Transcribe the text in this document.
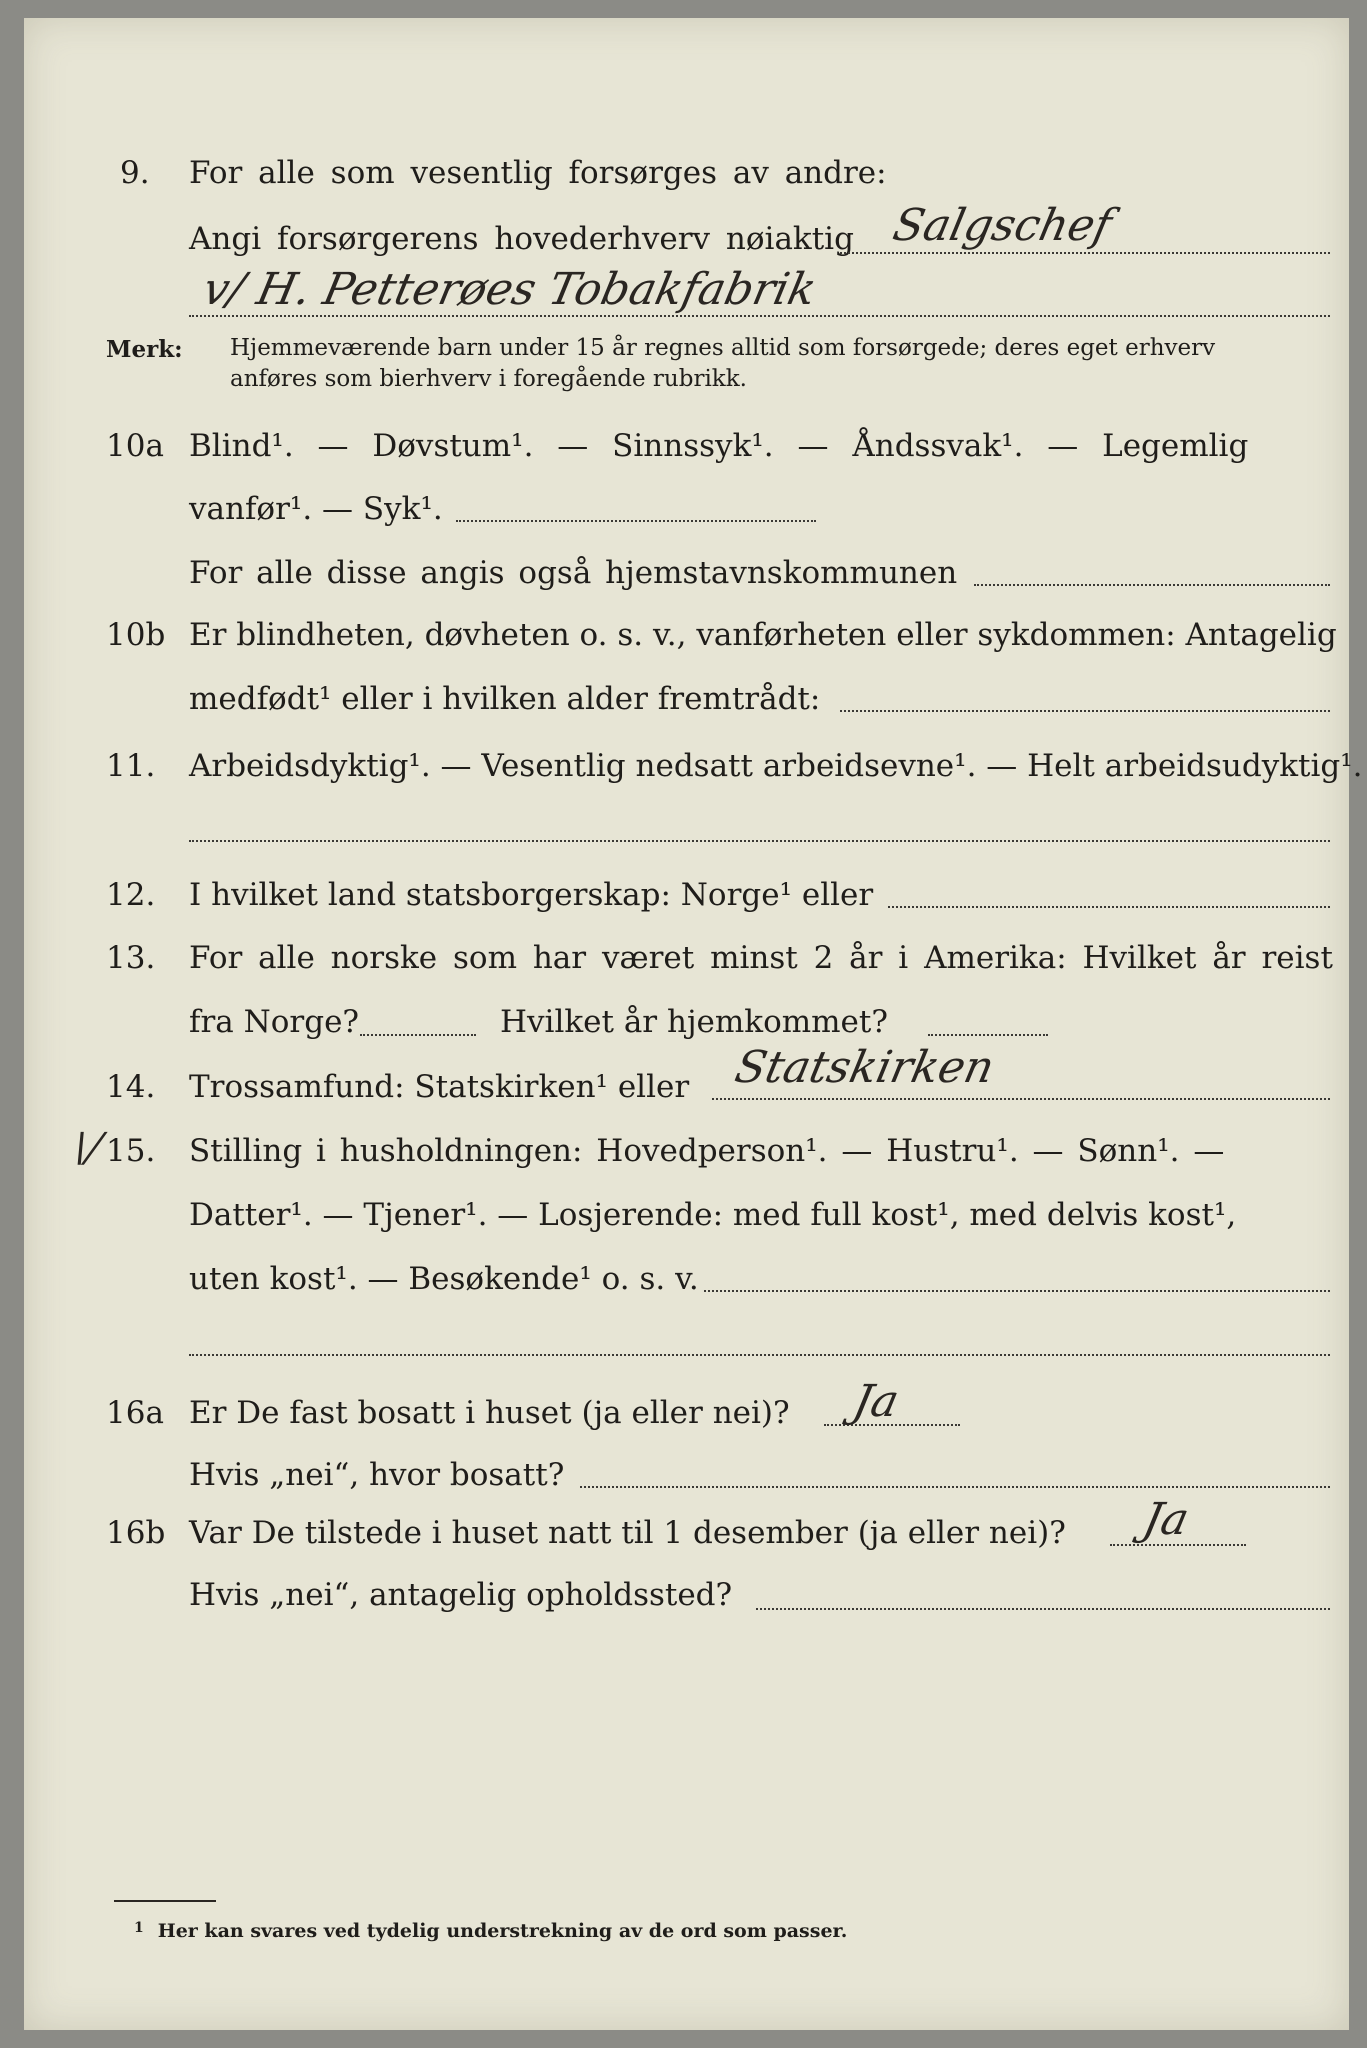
9. For alle som vesentlig forsørges av andre:
Angi forsørgerens hovederhverv nøiaktig Salgschef
v/ H. Petterøes Tobakfabrik
Merk: Hjemmeværende barn under 15 år regnes alltid som forsørgede; deres eget erhverv
anføres som bierhverv i foregående rubrikk.
10a Blind¹. — Døvstum¹. — Sinnssyk¹. — Åndssvak¹. — Legemlig
vanfør¹. — Syk¹.
For alle disse angis også hjemstavnskommunen
10b Er blindheten, døvheten o. s. v., vanførheten eller sykdommen: Antagelig
medfødt¹ eller i hvilken alder fremtrådt:
11. Arbeidsdyktig¹. — Vesentlig nedsatt arbeidsevne¹. — Helt arbeidsudyktig¹.
12. I hvilket land statsborgerskap: Norge¹ eller
13. For alle norske som har været minst 2 år i Amerika: Hvilket år reist
fra Norge?	Hvilket år hjemkommet?
14. Trossamfund: Statskirken¹ eller Statskirken
\/ 15. Stilling i husholdningen: Hovedperson¹. — Hustru¹. — Sønn¹. —
Datter¹. — Tjener¹. — Losjerende: med full kost¹, med delvis kost¹,
uten kost¹. — Besøkende¹ o. s. v.
16a Er De fast bosatt i huset (ja eller nei)? Ja
Hvis „nei“, hvor bosatt?
16b Var De tilstede i huset natt til 1 desember (ja eller nei)? Ja
Hvis „nei“, antagelig opholdssted?
$^1$ Her kan svares ved tydelig understrekning av de ord som passer.
